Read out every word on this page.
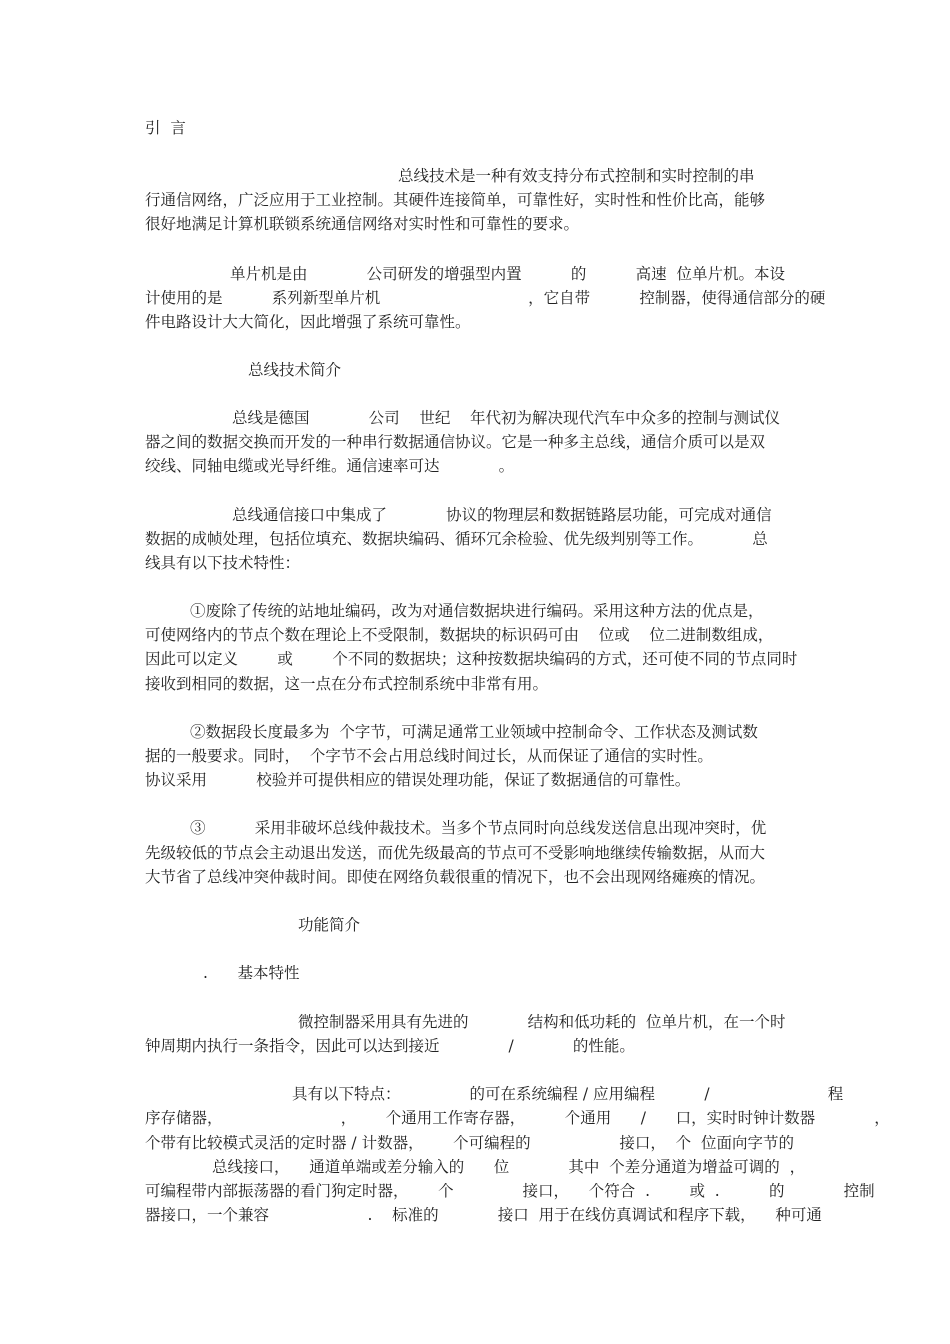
引  言
总线技术是一种有效支持分布式控制和实时控制的串
行通信网络，广泛应用于工业控制。其硬件连接简单，可靠性好，实时性和性价比高，能够
很好地满足计算机联锁系统通信网络对实时性和可靠性的要求。
单片机是由            公司研发的增强型内置          的          高速  位单片机。本设
计使用的是          系列新型单片机                              ，它自带          控制器，使得通信部分的硬
件电路设计大大简化，因此增强了系统可靠性。
总线技术简介
总线是德国            公司    世纪    年代初为解决现代汽车中众多的控制与测试仪
器之间的数据交换而开发的一种串行数据通信协议。它是一种多主总线，通信介质可以是双
绞线、同轴电缆或光导纤维。通信速率可达            。
总线通信接口中集成了            协议的物理层和数据链路层功能，可完成对通信
数据的成帧处理，包括位填充、数据块编码、循环冗余检验、优先级判别等工作。          总
线具有以下技术特性：
①废除了传统的站地址编码，改为对通信数据块进行编码。采用这种方法的优点是，
可使网络内的节点个数在理论上不受限制，数据块的标识码可由    位或    位二进制数组成，
因此可以定义        或        个不同的数据块；这种按数据块编码的方式，还可使不同的节点同时
接收到相同的数据，这一点在分布式控制系统中非常有用。
②数据段长度最多为  个字节，可满足通常工业领域中控制命令、工作状态及测试数
据的一般要求。同时，  个字节不会占用总线时间过长，从而保证了通信的实时性。
协议采用          校验并可提供相应的错误处理功能，保证了数据通信的可靠性。
③          采用非破坏总线仲裁技术。当多个节点同时向总线发送信息出现冲突时，优
先级较低的节点会主动退出发送，而优先级最高的节点可不受影响地继续传输数据，从而大
大节省了总线冲突仲裁时间。即使在网络负载很重的情况下，也不会出现网络瘫痪的情况。
功能简介
.      基本特性
微控制器采用具有先进的            结构和低功耗的  位单片机，在一个时
钟周期内执行一条指令，因此可以达到接近              /            的性能。
具有以下特点：              的可在系统编程 / 应用编程          /                        程
序存储器，                        ，      个通用工作寄存器，        个通用      /      口，实时时钟计数器            ，
个带有比较模式灵活的定时器 / 计数器，      个可编程的                  接口，  个  位面向字节的
总线接口，    通道单端或差分输入的      位            其中  个差分通道为增益可调的  ，
可编程带内部振荡器的看门狗定时器，      个              接口，    个符合  .        或  .          的            控制
器接口，一个兼容                    .    标准的            接口  用于在线仿真调试和程序下载，    种可通
